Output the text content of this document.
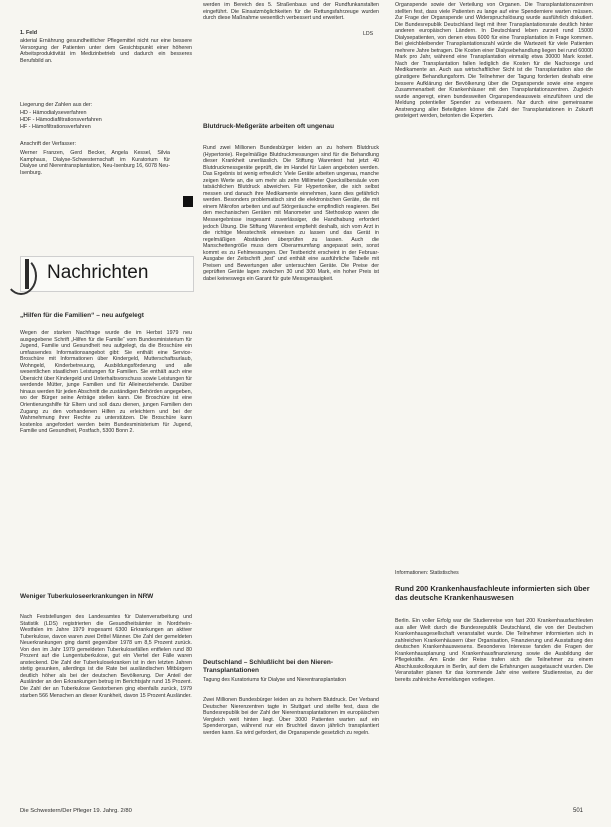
1. Feld

akterial Ernährung gesundheitlicher Pflegemittel nicht nur eine bessere Versorgung der Patienten unter dem Gesichtspunkt einer höheren Arbeitsproduktivität im Medizinbetrieb und dadurch ein besseres Berufsbild an.

Liegerung der Zahlen aus der:

HD - Hämodialyseverfahren

HDF - Hämodiafiltrationsverfahren

HF - Hämofiltrationsverfahren

Anschrift der Verfasser:

Werner Franzen, Gerd Becker, Angela Kessel, Silvia Kamphaus, Dialyse-Schwesternschaft im Kuratorium für Dialyse und Nierentransplantation, Neu-Isenburg 16, 6078 Neu-Isenburg.

Nachrichten

„Hilfen für die Familien“ – neu aufgelegt

Wegen der starken Nachfrage wurde die im Herbst 1979 neu ausgegebene Schrift „Hilfen für die Familie“ vom Bundesministerium für Jugend, Familie und Gesundheit neu aufgelegt, da die Broschüre ein umfassendes Informationsangebot gibt: Sie enthält eine Service-Broschüre mit Informationen über Kindergeld, Mutterschaftsurlaub, Wohngeld, Kinderbetreuung, Ausbildungsförderung und alle wesentlichen staatlichen Leistungen für Familien. Sie enthält auch eine Übersicht über Kindergeld und Unterhaltsvorschuss sowie Leistungen für werdende Mütter, junge Familien und für Alleinerziehende. Darüber hinaus werden für jeden Abschnitt die zuständigen Behörden angegeben, wo der Bürger seine Anträge stellen kann. Die Broschüre ist eine Orientierungshilfe für Eltern und soll dazu dienen, jungen Familien den Zugang zu den vorhandenen Hilfen zu erleichtern und bei der Wahrnehmung ihrer Rechte zu unterstützen. Die Broschüre kann kostenlos angefordert werden beim Bundesministerium für Jugend, Familie und Gesundheit, Postfach, 5300 Bonn 2.

Weniger Tuberkuloseerkrankungen in NRW

Nach Feststellungen des Landesamtes für Datenverarbeitung und Statistik (LDS) registrierten die Gesundheitsämter in Nordrhein-Westfalen im Jahre 1979 insgesamt 6300 Erkrankungen an aktiver Tuberkulose, davon waren zwei Drittel Männer. Die Zahl der gemeldeten Neuerkrankungen ging damit gegenüber 1978 um 8,5 Prozent zurück. Von den im Jahr 1979 gemeldeten Tuberkulosefällen entfielen rund 80 Prozent auf die Lungentuberkulose, gut ein Viertel der Fälle waren ansteckend. Die Zahl der Tuberkulosekranken ist in den letzten Jahren stetig gesunken, allerdings ist die Rate bei ausländischen Mitbürgern deutlich höher als bei der deutschen Bevölkerung. Der Anteil der Ausländer an den Erkrankungen betrug im Berichtsjahr rund 15 Prozent. Die Zahl der an Tuberkulose Gestorbenen ging ebenfalls zurück, 1979 starben 566 Menschen an dieser Krankheit, davon 15 Prozent Ausländer.

werden im Bereich des 5. Straßenbaus und der Rundfunkanstalten eingeführt. Die Einsatzmöglichkeiten für die Rettungsfahrzeuge wurden durch diese Maßnahme wesentlich verbessert und erweitert.

LDS

Blutdruck-Meßgeräte arbeiten oft ungenau

Rund zwei Millionen Bundesbürger leiden an zu hohem Blutdruck (Hypertonie). Regelmäßige Blutdruckmessungen sind für die Behandlung dieser Krankheit unerlässlich. Die Stiftung Warentest hat jetzt 40 Blutdruckmessgeräte geprüft, die im Handel für Laien angeboten werden. Das Ergebnis ist wenig erfreulich: Viele Geräte arbeiten ungenau, manche zeigen Werte an, die um mehr als zehn Millimeter Quecksilbersäule vom tatsächlichen Blutdruck abweichen. Für Hypertoniker, die sich selbst messen und danach ihre Medikamente einnehmen, kann dies gefährlich werden. Besonders problematisch sind die elektronischen Geräte, die mit einem Mikrofon arbeiten und auf Störgeräusche empfindlich reagieren. Bei den mechanischen Geräten mit Manometer und Stethoskop waren die Messergebnisse insgesamt zuverlässiger, die Handhabung erfordert jedoch Übung. Die Stiftung Warentest empfiehlt deshalb, sich vom Arzt in die richtige Messtechnik einweisen zu lassen und das Gerät in regelmäßigen Abständen überprüfen zu lassen. Auch die Manschettengröße muss dem Oberarmumfang angepasst sein, sonst kommt es zu Fehlmessungen. Der Testbericht erscheint in der Februar-Ausgabe der Zeitschrift „test“ und enthält eine ausführliche Tabelle mit Preisen und Bewertungen aller untersuchten Geräte. Die Preise der geprüften Geräte lagen zwischen 30 und 300 Mark, ein hoher Preis ist dabei keineswegs ein Garant für gute Messgenauigkeit.

Deutschland – Schlußlicht bei den Nieren-Transplantationen

Tagung des Kuratoriums für Dialyse und Nierentransplantation

Zwei Millionen Bundesbürger leiden an zu hohem Blutdruck. Der Verband Deutscher Nierenzentren tagte in Stuttgart und stellte fest, dass die Bundesrepublik bei der Zahl der Nierentransplantationen im europäischen Vergleich weit hinten liegt. Über 3000 Patienten warten auf ein Spenderorgan, während nur ein Bruchteil davon jährlich transplantiert werden kann. Es wird gefordert, die Organspende gesetzlich zu regeln.

Organspende sowie der Verteilung von Organen. Die Transplantationszentren stellten fest, dass viele Patienten zu lange auf eine Spenderniere warten müssen. Zur Frage der Organspende und Widerspruchslösung wurde ausführlich diskutiert. Die Bundesrepublik Deutschland liegt mit ihrer Transplantationsrate deutlich hinter anderen europäischen Ländern. In Deutschland leben zurzeit rund 15000 Dialysepatienten, von denen etwa 6000 für eine Transplantation in Frage kommen. Bei gleichbleibender Transplantationszahl würde die Wartezeit für viele Patienten mehrere Jahre betragen. Die Kosten einer Dialysebehandlung liegen bei rund 60000 Mark pro Jahr, während eine Transplantation einmalig etwa 30000 Mark kostet. Nach der Transplantation fallen lediglich die Kosten für die Nachsorge und Medikamente an. Auch aus wirtschaftlicher Sicht ist die Transplantation also die günstigere Behandlungsform. Die Teilnehmer der Tagung forderten deshalb eine bessere Aufklärung der Bevölkerung über die Organspende sowie eine engere Zusammenarbeit der Krankenhäuser mit den Transplantationszentren. Zugleich wurde angeregt, einen bundesweiten Organspendeausweis einzuführen und die Meldung potentieller Spender zu verbessern. Nur durch eine gemeinsame Anstrengung aller Beteiligten könne die Zahl der Transplantationen in Zukunft gesteigert werden, betonten die Experten.

Informationen: Statistisches

Rund 200 Krankenhausfachleute informierten sich über das deutsche Krankenhauswesen

Berlin. Ein voller Erfolg war die Studienreise von fast 200 Krankenhausfachleuten aus aller Welt durch die Bundesrepublik Deutschland, die von der Deutschen Krankenhausgesellschaft veranstaltet wurde. Die Teilnehmer informierten sich in zahlreichen Krankenhäusern über Organisation, Finanzierung und Ausstattung des deutschen Krankenhauswesens. Besonderes Interesse fanden die Fragen der Krankenhausplanung und Krankenhausfinanzierung sowie die Ausbildung der Pflegekräfte. Am Ende der Reise trafen sich die Teilnehmer zu einem Abschlusskolloquium in Berlin, auf dem die Erfahrungen ausgetauscht wurden. Die Veranstalter planen für das kommende Jahr eine weitere Studienreise, zu der bereits zahlreiche Anmeldungen vorliegen.

Die Schwestern/Der Pfleger 19. Jahrg. 2/80	501
